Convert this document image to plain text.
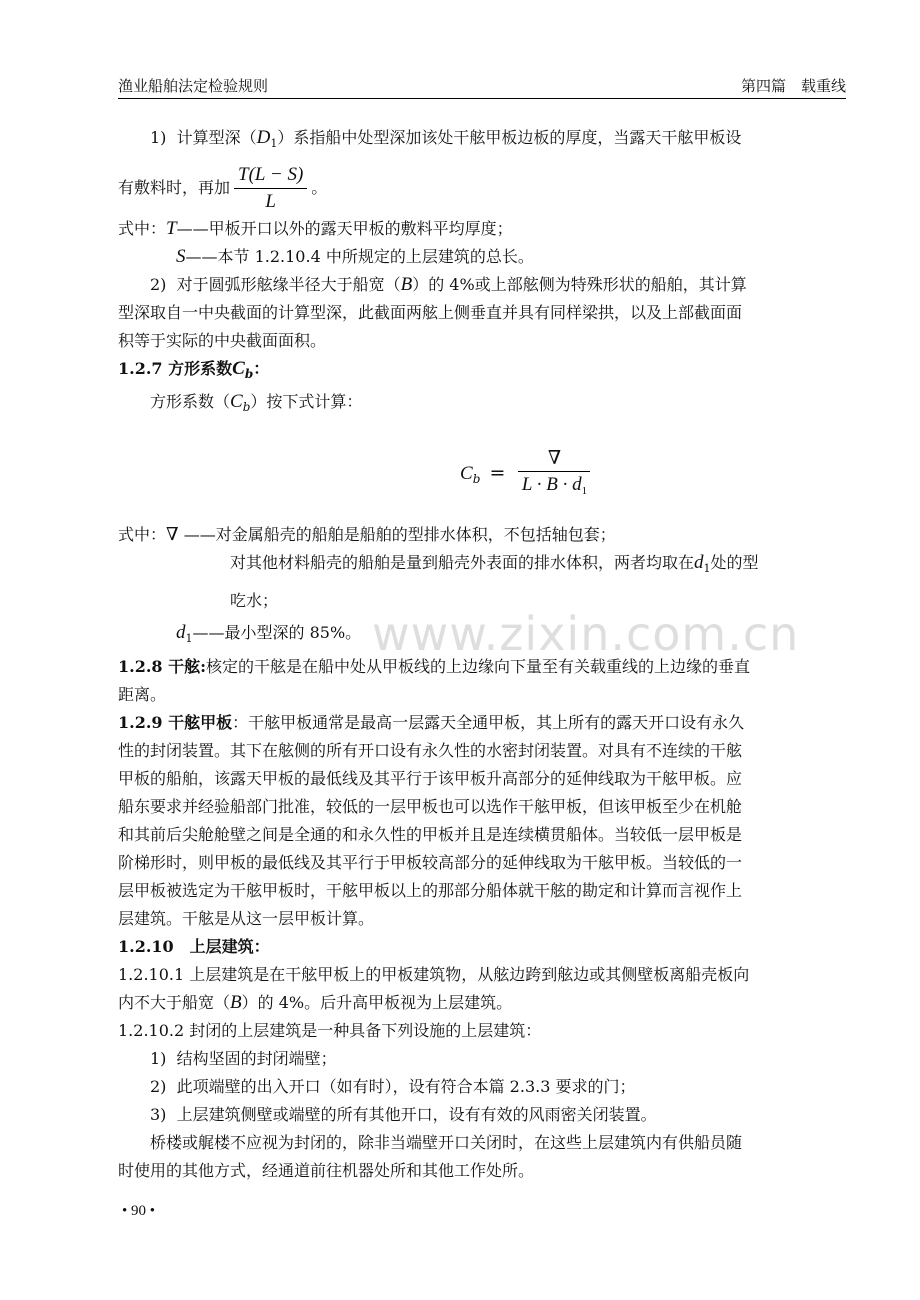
渔业船舶法定检验规则	第四篇　载重线
www.zixin.com.cn

1) 计算型深$(D_1)$系指船中处型深加该处干舷甲板边板的厚度，当露天干舷甲板设

有敷料时，再加 $\frac{T(L - S)}{L}$ 。

式中：T——甲板开口以外的露天甲板的敷料平均厚度；

S——本节 1.2.10.4 中所规定的上层建筑的总长。

2) 对于圆弧形舷缘半径大于船宽（B）的 4%或上部舷侧为特殊形状的船舶，其计算

型深取自一中央截面的计算型深，此截面两舷上侧垂直并具有同样梁拱，以及上部截面面

积等于实际的中央截面面积。

1.2.7 方形系数$C_b$：

方形系数$(C_b)$按下式计算：

$C_b = \frac{\nabla}{L \cdot B \cdot d_1}$

式中：∇ ——对金属船壳的船舶是船舶的型排水体积，不包括轴包套；

对其他材料船壳的船舶是量到船壳外表面的排水体积，两者均取在$d_1$处的型

吃水；

$d_1——$最小型深的 85%。

1.2.8 干舷:核定的干舷是在船中处从甲板线的上边缘向下量至有关载重线的上边缘的垂直

距离。

1.2.9 干舷甲板：干舷甲板通常是最高一层露天全通甲板，其上所有的露天开口设有永久

性的封闭装置。其下在舷侧的所有开口设有永久性的水密封闭装置。对具有不连续的干舷

甲板的船舶，该露天甲板的最低线及其平行于该甲板升高部分的延伸线取为干舷甲板。应

船东要求并经验船部门批准，较低的一层甲板也可以选作干舷甲板，但该甲板至少在机舱

和其前后尖舱舱壁之间是全通的和永久性的甲板并且是连续横贯船体。当较低一层甲板是

阶梯形时，则甲板的最低线及其平行于甲板较高部分的延伸线取为干舷甲板。当较低的一

层甲板被选定为干舷甲板时，干舷甲板以上的那部分船体就干舷的勘定和计算而言视作上

层建筑。干舷是从这一层甲板计算。

1.2.10　上层建筑：

1.2.10.1 上层建筑是在干舷甲板上的甲板建筑物，从舷边跨到舷边或其侧壁板离船壳板向

内不大于船宽（B）的 4%。后升高甲板视为上层建筑。

1.2.10.2 封闭的上层建筑是一种具备下列设施的上层建筑：

1) 结构坚固的封闭端壁；

2) 此项端壁的出入开口（如有时），设有符合本篇 2.3.3 要求的门；

3) 上层建筑侧壁或端壁的所有其他开口，设有有效的风雨密关闭装置。

桥楼或艉楼不应视为封闭的，除非当端壁开口关闭时，在这些上层建筑内有供船员随

时使用的其他方式，经通道前往机器处所和其他工作处所。

• 90 •
